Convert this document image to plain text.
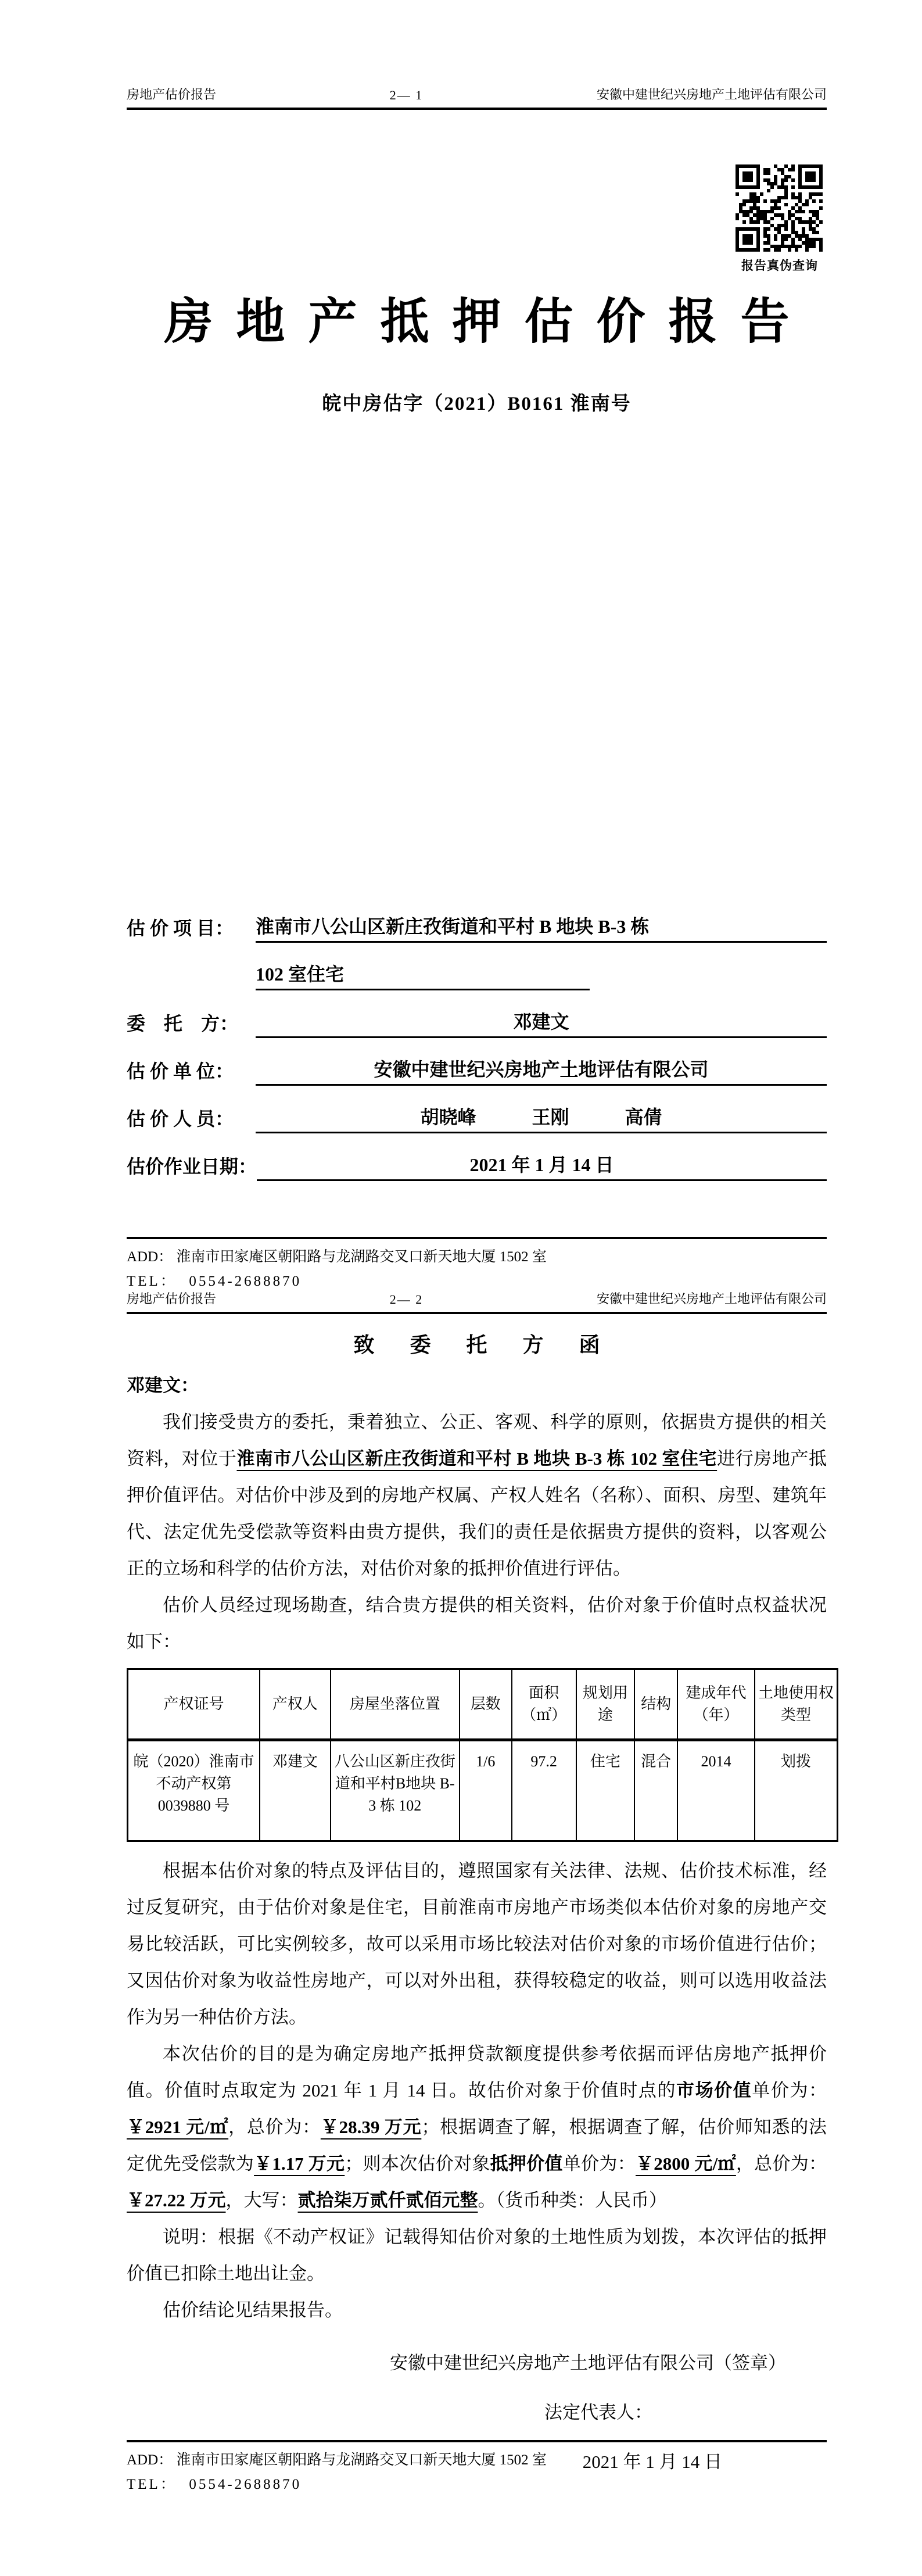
房地产估价报告	2— 1	安徽中建世纪兴房地产土地评估有限公司
报告真伪查询
房地产抵押估价报告
皖中房估字（2021）B0161 淮南号
估 价 项 目：	淮南市八公山区新庄孜街道和平村 B 地块 B-3 栋
102 室住宅
委　托　方：	邓建文
估 价 单 位：	安徽中建世纪兴房地产土地评估有限公司
估 价 人 员：	胡晓峰　　　王刚　　　高倩
估价作业日期：	2021 年 1 月 14 日
ADD： 淮南市田家庵区朝阳路与龙湖路交叉口新天地大厦 1502 室
TEL：  0554-2688870
房地产估价报告	2— 2	安徽中建世纪兴房地产土地评估有限公司
致 委 托 方 函

邓建文：

我们接受贵方的委托，秉着独立、公正、客观、科学的原则，依据贵方提供的相关资料，对位于淮南市八公山区新庄孜街道和平村 B 地块 B-3 栋 102 室住宅进行房地产抵押价值评估。对估价中涉及到的房地产权属、产权人姓名（名称）、面积、房型、建筑年代、法定优先受偿款等资料由贵方提供，我们的责任是依据贵方提供的资料，以客观公正的立场和科学的估价方法，对估价对象的抵押价值进行评估。

估价人员经过现场勘查，结合贵方提供的相关资料，估价对象于价值时点权益状况如下：

产权证号	产权人	房屋坐落位置	层数	面积（㎡）	规划用途	结构	建成年代（年）	土地使用权类型
皖（2020）淮南市不动产权第0039880 号	邓建文	八公山区新庄孜街道和平村B地块 B-3 栋 102	1/6	97.2	住宅	混合	2014	划拨

根据本估价对象的特点及评估目的，遵照国家有关法律、法规、估价技术标准，经过反复研究，由于估价对象是住宅，目前淮南市房地产市场类似本估价对象的房地产交易比较活跃，可比实例较多，故可以采用市场比较法对估价对象的市场价值进行估价；又因估价对象为收益性房地产，可以对外出租，获得较稳定的收益，则可以选用收益法作为另一种估价方法。

本次估价的目的是为确定房地产抵押贷款额度提供参考依据而评估房地产抵押价值。价值时点取定为 2021 年 1 月 14 日。故估价对象于价值时点的市场价值单价为：￥2921 元/㎡，总价为：￥28.39 万元；根据调查了解，根据调查了解，估价师知悉的法定优先受偿款为￥1.17 万元；则本次估价对象抵押价值单价为：￥2800 元/㎡，总价为：￥27.22 万元，大写：贰拾柒万贰仟贰佰元整。（货币种类：人民币）

说明：根据《不动产权证》记载得知估价对象的土地性质为划拨，本次评估的抵押价值已扣除土地出让金。

估价结论见结果报告。

安徽中建世纪兴房地产土地评估有限公司（签章）
法定代表人：
2021 年 1 月 14 日
ADD： 淮南市田家庵区朝阳路与龙湖路交叉口新天地大厦 1502 室
TEL：  0554-2688870
